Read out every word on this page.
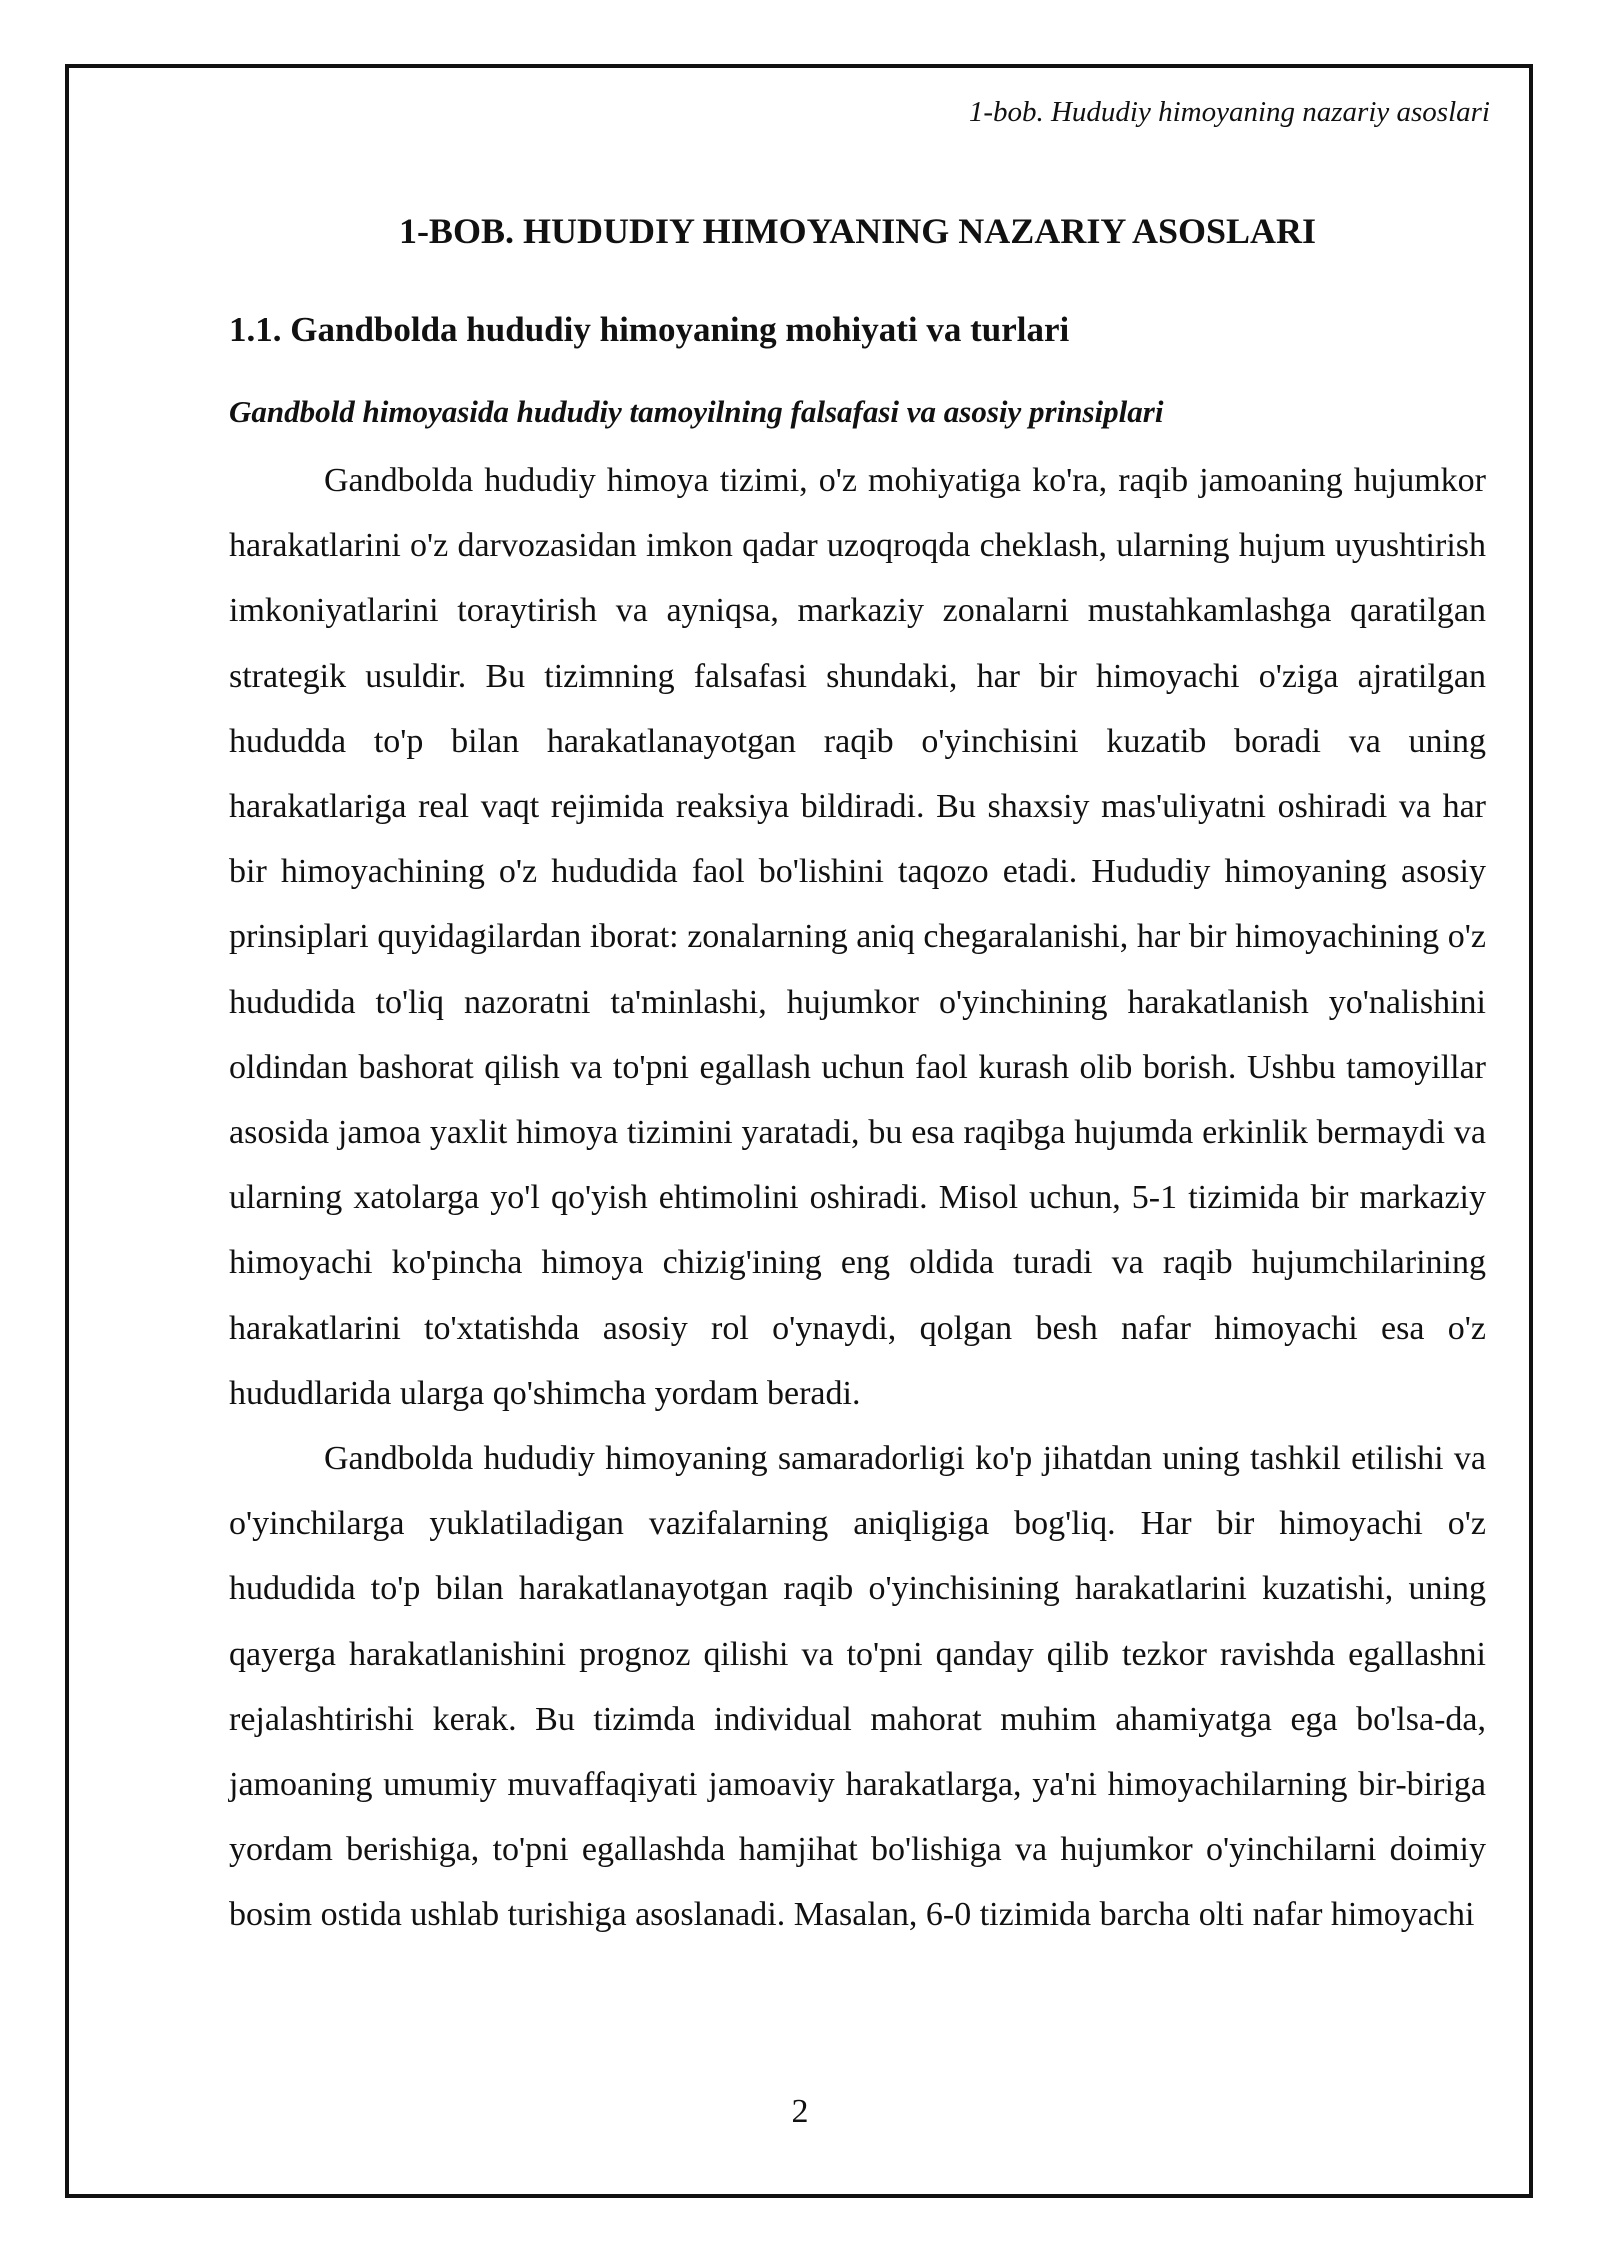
1-bob. Hududiy himoyaning nazariy asoslari
1-BOB. HUDUDIY HIMOYANING NAZARIY ASOSLARI
1.1. Gandbolda hududiy himoyaning mohiyati va turlari
Gandbold himoyasida hududiy tamoyilning falsafasi va asosiy prinsiplari

Gandbolda hududiy himoya tizimi, o'z mohiyatiga ko'ra, raqib jamoaning hujumkor harakatlarini o'z darvozasidan imkon qadar uzoqroqda cheklash, ularning hujum uyushtirish imkoniyatlarini toraytirish va ayniqsa, markaziy zonalarni mustahkamlashga qaratilgan strategik usuldir. Bu tizimning falsafasi shundaki, har bir himoyachi o'ziga ajratilgan hududda to'p bilan harakatlanayotgan raqib o'yinchisini kuzatib boradi va uning harakatlariga real vaqt rejimida reaksiya bildiradi. Bu shaxsiy mas'uliyatni oshiradi va har bir himoyachining o'z hududida faol bo'lishini taqozo etadi. Hududiy himoyaning asosiy prinsiplari quyidagilardan iborat: zonalarning aniq chegaralanishi, har bir himoyachining o'z hududida to'liq nazoratni ta'minlashi, hujumkor o'yinchining harakatlanish yo'nalishini oldindan bashorat qilish va to'pni egallash uchun faol kurash olib borish. Ushbu tamoyillar asosida jamoa yaxlit himoya tizimini yaratadi, bu esa raqibga hujumda erkinlik bermaydi va ularning xatolarga yo'l qo'yish ehtimolini oshiradi. Misol uchun, 5-1 tizimida bir markaziy himoyachi ko'pincha himoya chizig'ining eng oldida turadi va raqib hujumchilarining harakatlarini to'xtatishda asosiy rol o'ynaydi, qolgan besh nafar himoyachi esa o'z hududlarida ularga qo'shimcha yordam beradi.

Gandbolda hududiy himoyaning samaradorligi ko'p jihatdan uning tashkil etilishi va o'yinchilarga yuklatiladigan vazifalarning aniqligiga bog'liq. Har bir himoyachi o'z hududida to'p bilan harakatlanayotgan raqib o'yinchisining harakatlarini kuzatishi, uning qayerga harakatlanishini prognoz qilishi va to'pni qanday qilib tezkor ravishda egallashni rejalashtirishi kerak. Bu tizimda individual mahorat muhim ahamiyatga ega bo'lsa-da, jamoaning umumiy muvaffaqiyati jamoaviy harakatlarga, ya'ni himoyachilarning bir-biriga yordam berishiga, to'pni egallashda hamjihat bo'lishiga va hujumkor o'yinchilarni doimiy bosim ostida ushlab turishiga asoslanadi. Masalan, 6-0 tizimida barcha olti nafar himoyachi

2
